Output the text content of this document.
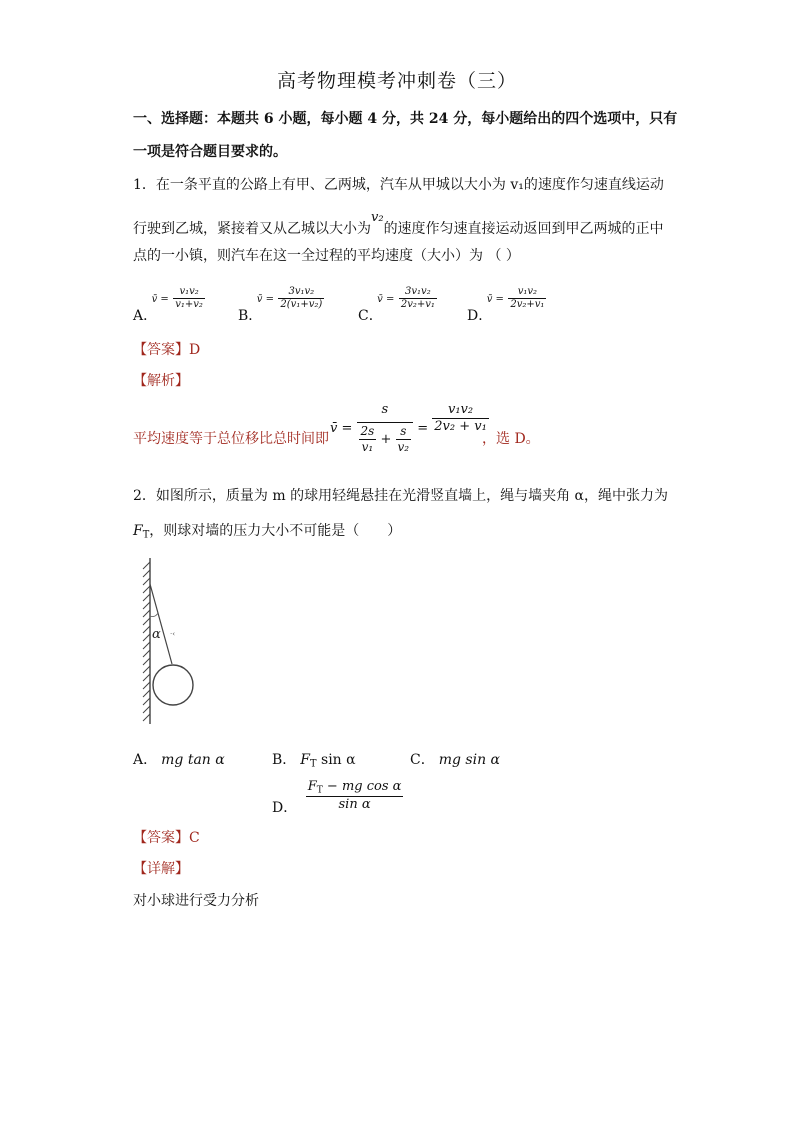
高考物理模考冲刺卷（三）
一、选择题：本题共 6 小题，每小题 4 分，共 24 分，每小题给出的四个选项中，只有
一项是符合题目要求的。
1．在一条平直的公路上有甲、乙两城，汽车从甲城以大小为 v₁的速度作匀速直线运动
行驶到乙城，紧接着又从乙城以大小为v₂的速度作匀速直接运动返回到甲乙两城的正中
点的一小镇，则汽车在这一全过程的平均速度（大小）为 （ ）
A． v̄ = $\frac{\text{v₁v₂}}{\text{v₁+v₂}}$
B． v̄ = $\frac{\text{3v₁v₂}}{\text{2(v₁+v₂)}}$
C． v̄ = $\frac{\text{3v₁v₂}}{\text{2v₂+v₁}}$
D． v̄ = $\frac{\text{v₁v₂}}{\text{2v₂+v₁}}$
【答案】D
【解析】
平均速度等于总位移比总时间即
v̄ = $\frac{s}{\frac{2s}{\text{v₁}} + \frac{s}{\text{v₂}}} = \frac{\text{v₁v₂}}{\text{2v₂ + v₁}}$
，选 D。
2．如图所示，质量为 m 的球用轻绳悬挂在光滑竖直墙上，绳与墙夹角 α，绳中张力为
$F_T$，则球对墙的压力大小不可能是（　　）
α ·‹
A． mg tan α	B． $F_T$ sin α	C． mg sin α
D． $\frac{F_T - mg \cos \alpha}{\text{sin α}}$
【答案】C
【详解】
对小球进行受力分析
